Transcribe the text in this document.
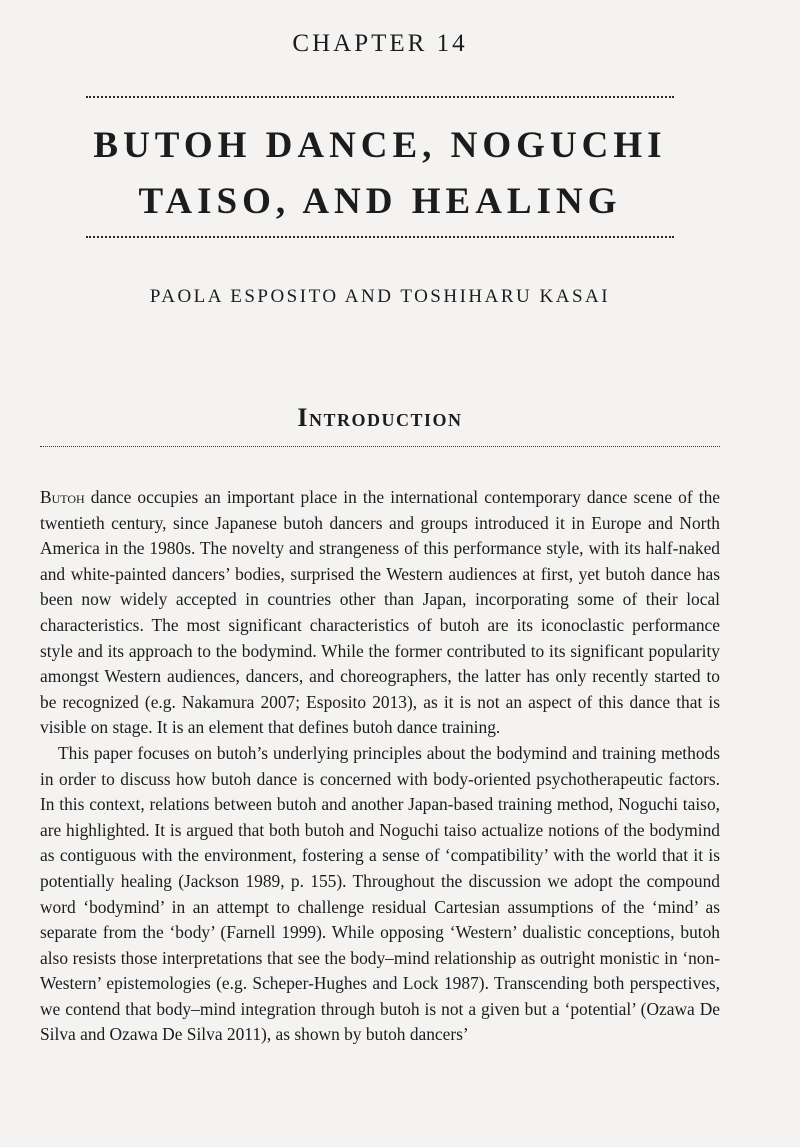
CHAPTER 14
BUTOH DANCE, NOGUCHI
TAISO, AND HEALING
PAOLA ESPOSITO AND TOSHIHARU KASAI
Introduction

Butoh dance occupies an important place in the international contemporary dance scene of the twentieth century, since Japanese butoh dancers and groups introduced it in Europe and North America in the 1980s. The novelty and strangeness of this performance style, with its half-naked and white-painted dancers’ bodies, surprised the Western audiences at first, yet butoh dance has been now widely accepted in countries other than Japan, incorporating some of their local characteristics. The most significant characteristics of butoh are its iconoclastic performance style and its approach to the bodymind. While the former contributed to its significant popularity amongst Western audiences, dancers, and choreographers, the latter has only recently started to be recognized (e.g. Nakamura 2007; Esposito 2013), as it is not an aspect of this dance that is visible on stage. It is an element that defines butoh dance training.

This paper focuses on butoh’s underlying principles about the bodymind and training methods in order to discuss how butoh dance is concerned with body-oriented psychotherapeutic factors. In this context, relations between butoh and another Japan-based training method, Noguchi taiso, are highlighted. It is argued that both butoh and Noguchi taiso actualize notions of the bodymind as contiguous with the environment, fostering a sense of ‘compatibility’ with the world that it is potentially healing (Jackson 1989, p. 155). Throughout the discussion we adopt the compound word ‘bodymind’ in an attempt to challenge residual Cartesian assumptions of the ‘mind’ as separate from the ‘body’ (Farnell 1999). While opposing ‘Western’ dualistic conceptions, butoh also resists those interpretations that see the body–mind relationship as outright monistic in ‘non-Western’ epistemologies (e.g. Scheper-Hughes and Lock 1987). Transcending both perspectives, we contend that body–mind integration through butoh is not a given but a ‘potential’ (Ozawa De Silva and Ozawa De Silva 2011), as shown by butoh dancers’
